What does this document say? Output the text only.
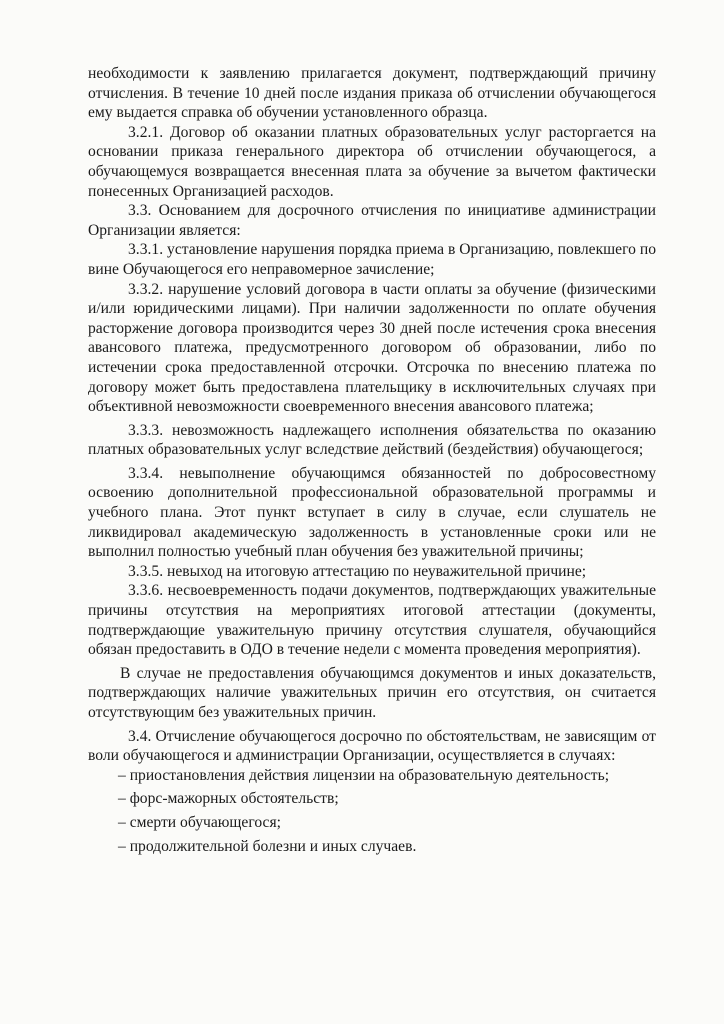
необходимости к заявлению прилагается документ, подтверждающий причину отчисления. В течение 10 дней после издания приказа об отчислении обучающегося ему выдается справка об обучении установленного образца.

3.2.1. Договор об оказании платных образовательных услуг расторгается на основании приказа генерального директора об отчислении обучающегося, а обучающемуся возвращается внесенная плата за обучение за вычетом фактически понесенных Организацией расходов.

3.3. Основанием для досрочного отчисления по инициативе администрации Организации является:

3.3.1. установление нарушения порядка приема в Организацию, повлекшего по вине Обучающегося его неправомерное зачисление;

3.3.2. нарушение условий договора в части оплаты за обучение (физическими и/или юридическими лицами). При наличии задолженности по оплате обучения расторжение договора производится через 30 дней после истечения срока внесения авансового платежа, предусмотренного договором об образовании, либо по истечении срока предоставленной отсрочки. Отсрочка по внесению платежа по договору может быть предоставлена плательщику в исключительных случаях при объективной невозможности своевременного внесения авансового платежа;

3.3.3. невозможность надлежащего исполнения обязательства по оказанию платных образовательных услуг вследствие действий (бездействия) обучающегося;

3.3.4. невыполнение обучающимся обязанностей по добросовестному освоению дополнительной профессиональной образовательной программы и учебного плана. Этот пункт вступает в силу в случае, если слушатель не ликвидировал академическую задолженность в установленные сроки или не выполнил полностью учебный план обучения без уважительной причины;

3.3.5. невыход на итоговую аттестацию по неуважительной причине;

3.3.6. несвоевременность подачи документов, подтверждающих уважительные причины отсутствия на мероприятиях итоговой аттестации (документы, подтверждающие уважительную причину отсутствия слушателя, обучающийся обязан предоставить в ОДО в течение недели с момента проведения мероприятия).

В случае не предоставления обучающимся документов и иных доказательств, подтверждающих наличие уважительных причин его отсутствия, он считается отсутствующим без уважительных причин.

3.4. Отчисление обучающегося досрочно по обстоятельствам, не зависящим от воли обучающегося и администрации Организации, осуществляется в случаях:

– приостановления действия лицензии на образовательную деятельность;

– форс-мажорных обстоятельств;

– смерти обучающегося;

– продолжительной болезни и иных случаев.
